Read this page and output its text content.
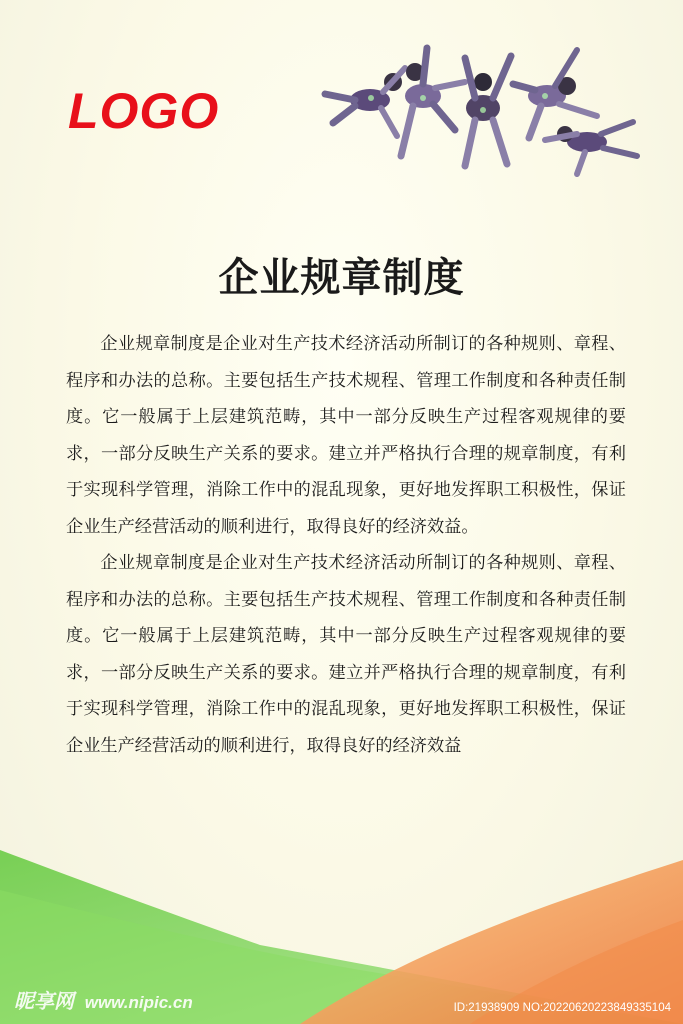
LOGO
企业规章制度

企业规章制度是企业对生产技术经济活动所制订的各种规则、章程、程序和办法的总称。主要包括生产技术规程、管理工作制度和各种责任制度。它一般属于上层建筑范畴，其中一部分反映生产过程客观规律的要求，一部分反映生产关系的要求。建立并严格执行合理的规章制度，有利于实现科学管理，消除工作中的混乱现象，更好地发挥职工积极性，保证企业生产经营活动的顺利进行，取得良好的经济效益。

企业规章制度是企业对生产技术经济活动所制订的各种规则、章程、程序和办法的总称。主要包括生产技术规程、管理工作制度和各种责任制度。它一般属于上层建筑范畴，其中一部分反映生产过程客观规律的要求，一部分反映生产关系的要求。建立并严格执行合理的规章制度，有利于实现科学管理，消除工作中的混乱现象，更好地发挥职工积极性，保证企业生产经营活动的顺利进行，取得良好的经济效益

昵享网 www.nipic.cn	ID:21938909 NO:20220620223849335104
